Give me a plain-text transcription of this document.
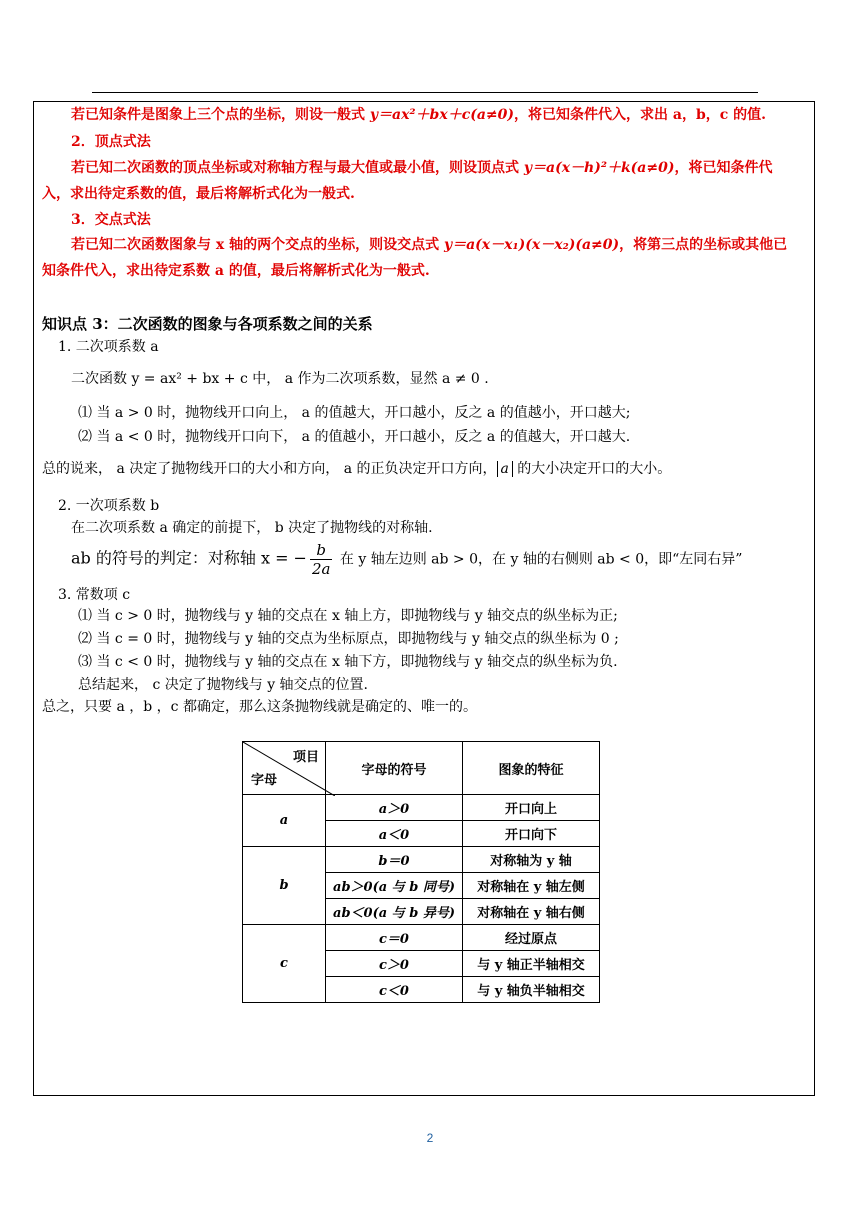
若已知条件是图象上三个点的坐标，则设一般式 y＝ax²＋bx＋c(a≠0)，将已知条件代入，求出 a，b，c 的值.
2．顶点式法
若已知二次函数的顶点坐标或对称轴方程与最大值或最小值，则设顶点式 y＝a(x－h)²＋k(a≠0)，将已知条件代
入，求出待定系数的值，最后将解析式化为一般式.
3．交点式法
若已知二次函数图象与 x 轴的两个交点的坐标，则设交点式 y＝a(x－x₁)(x－x₂)(a≠0)，将第三点的坐标或其他已
知条件代入，求出待定系数 a 的值，最后将解析式化为一般式.
知识点 3：二次函数的图象与各项系数之间的关系
1. 二次项系数 a
二次函数 y = ax² + bx + c 中， a 作为二次项系数，显然 a ≠ 0 .
⑴ 当 a > 0 时，抛物线开口向上， a 的值越大，开口越小，反之 a 的值越小，开口越大;
⑵ 当 a < 0 时，抛物线开口向下， a 的值越小，开口越小，反之 a 的值越大，开口越大.
总的说来， a 决定了抛物线开口的大小和方向， a 的正负决定开口方向， a 的大小决定开口的大小。
2. 一次项系数 b
在二次项系数 a 确定的前提下， b 决定了抛物线的对称轴.
ab 的符号的判定：对称轴 x = − $\frac{b}{2a}$ 在 y 轴左边则 ab > 0，在 y 轴的右侧则 ab < 0，即“左同右异”
3. 常数项 c
⑴ 当 c > 0 时，抛物线与 y 轴的交点在 x 轴上方，即抛物线与 y 轴交点的纵坐标为正;
⑵ 当 c = 0 时，抛物线与 y 轴的交点为坐标原点，即抛物线与 y 轴交点的纵坐标为 0 ;
⑶ 当 c < 0 时，抛物线与 y 轴的交点在 x 轴下方，即抛物线与 y 轴交点的纵坐标为负.
总结起来， c 决定了抛物线与 y 轴交点的位置.
总之，只要 a ，b ，c 都确定，那么这条抛物线就是确定的、唯一的。
项目
字母	字母的符号	图象的特征
a	a＞0	开口向上
	a＜0	开口向下
b	b＝0	对称轴为 y 轴
	ab＞0(a 与 b 同号)	对称轴在 y 轴左侧
	ab＜0(a 与 b 异号)	对称轴在 y 轴右侧
c	c＝0	经过原点
	c＞0	与 y 轴正半轴相交
	c＜0	与 y 轴负半轴相交
2
